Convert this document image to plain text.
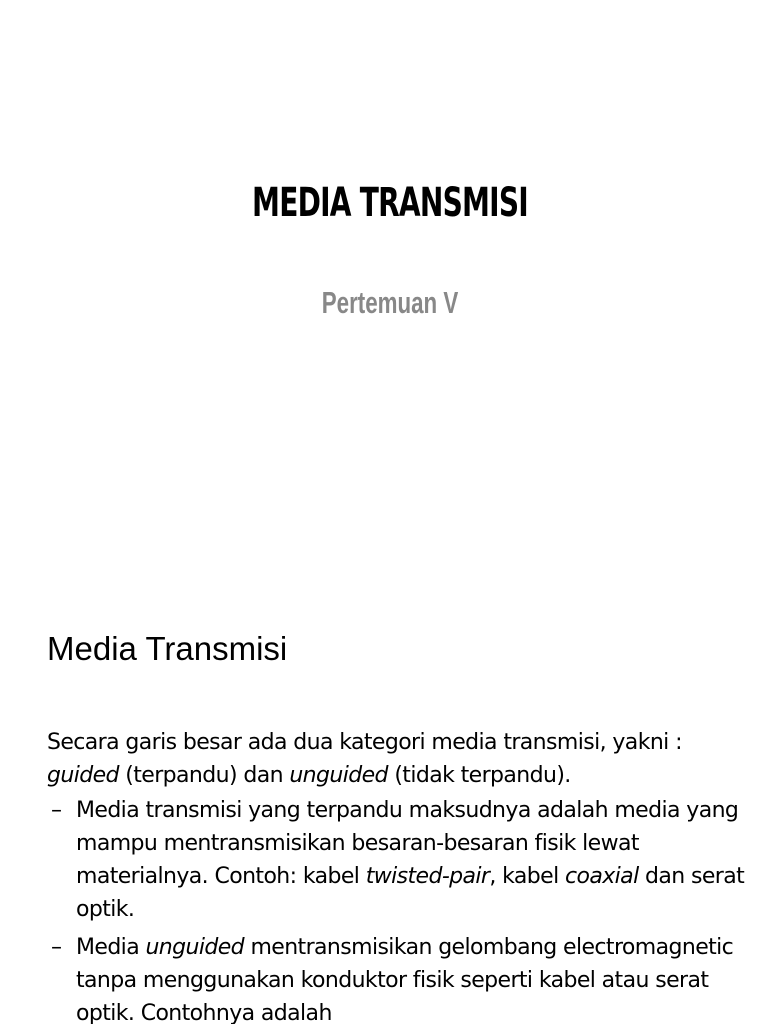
MEDIA TRANSMISI
Pertemuan V
Media Transmisi

Secara garis besar ada dua kategori media transmisi, yakni : guided (terpandu) dan unguided (tidak terpandu).

– Media transmisi yang terpandu maksudnya adalah media yang mampu mentransmisikan besaran-besaran fisik lewat materialnya. Contoh: kabel twisted-pair, kabel coaxial dan serat optik.
– Media unguided mentransmisikan gelombang electromagnetic tanpa menggunakan konduktor fisik seperti kabel atau serat optik. Contohnya adalah
